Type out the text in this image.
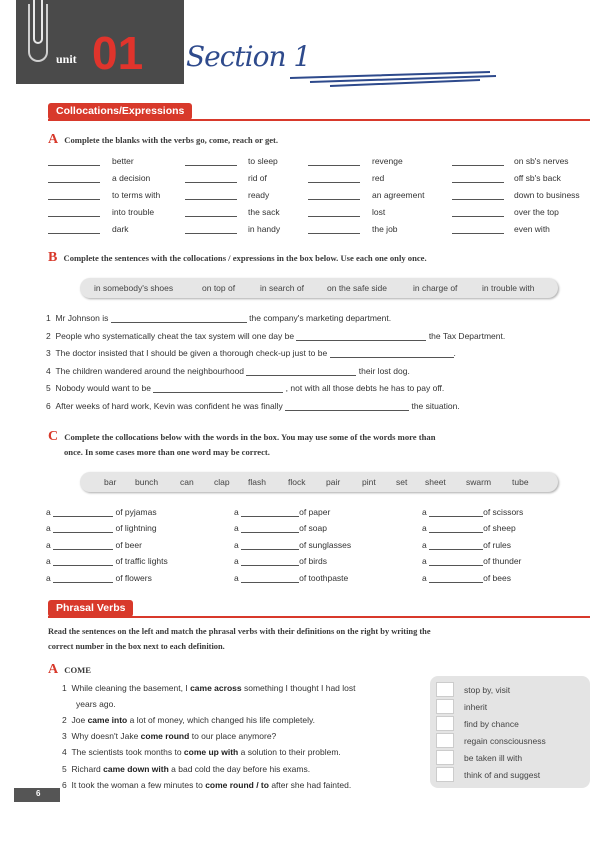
unit 01 Section 1
Collocations/Expressions
A Complete the blanks with the verbs go, come, reach or get.
better	to sleep	revenge	on sb's nerves
a decision	rid of	red	off sb's back
to terms with	ready	an agreement	down to business
into trouble	the sack	lost	over the top
dark	in handy	the job	even with
B Complete the sentences with the collocations / expressions in the box below. Use each one only once.
in somebody's shoes	on top of	in search of	on the safe side	in charge of	in trouble with
1 Mr Johnson is	the company's marketing department.
2 People who systematically cheat the tax system will one day be	the Tax Department.
3 The doctor insisted that I should be given a thorough check-up just to be	.
4 The children wandered around the neighbourhood	their lost dog.
5 Nobody would want to be	, not with all those debts he has to pay off.
6 After weeks of hard work, Kevin was confident he was finally	the situation.
C Complete the collocations below with the words in the box. You may use some of the words more than
once. In some cases more than one word may be correct.
bar bunch	can clap flash	flock pair	pint set sheet swarm tube
a	of pyjamas	a	of paper	a	of scissors
a	of lightning	a	of soap	a	of sheep
a	of beer	a	of sunglasses	a	of rules
a	of traffic lights	a	of birds	a	of thunder
a	of flowers	a	of toothpaste	a	of bees
Phrasal Verbs
Read the sentences on the left and match the phrasal verbs with their definitions on the right by writing the
correct number in the box next to each definition.
A COME
1 While cleaning the basement, I came across something I thought I had lost
years ago.
2 Joe came into a lot of money, which changed his life completely.
3 Why doesn't Jake come round to our place anymore?
4 The scientists took months to come up with a solution to their problem.
5 Richard came down with a bad cold the day before his exams.
6 It took the woman a few minutes to come round / to after she had fainted.
stop by, visit
inherit
find by chance
regain consciousness
be taken ill with
think of and suggest
6
